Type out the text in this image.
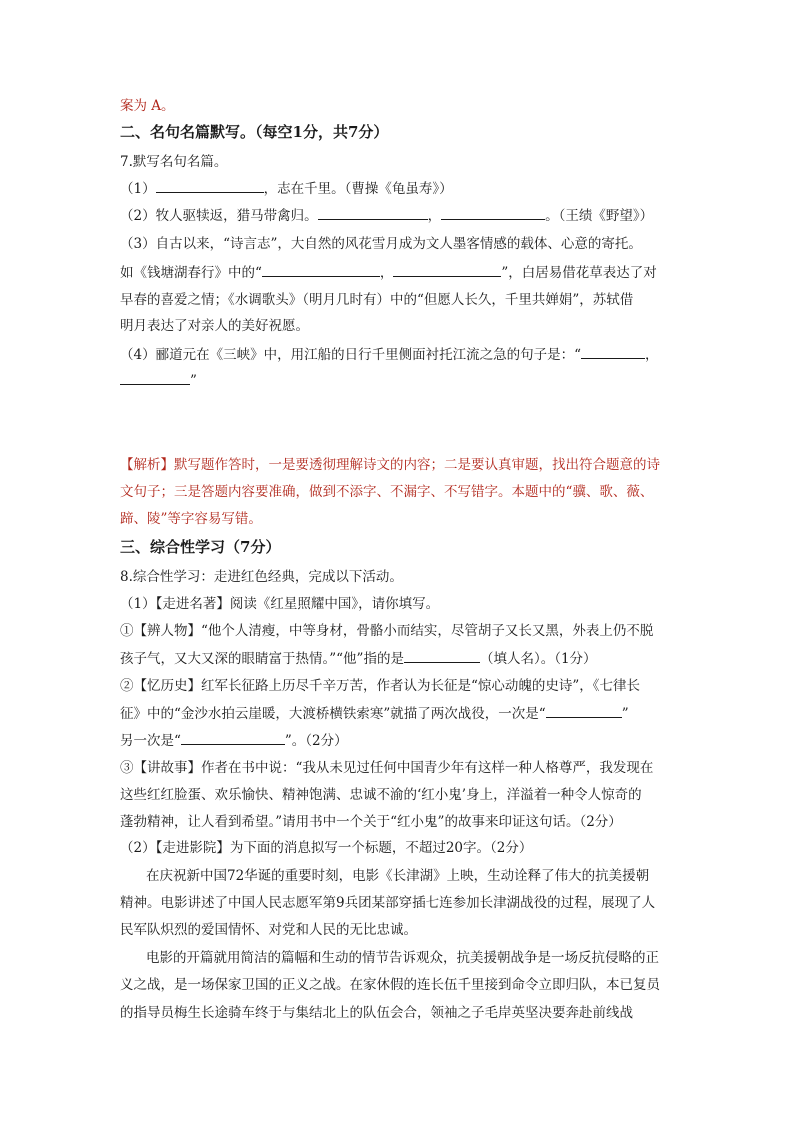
案为 A。
二、名句名篇默写。（每空1分，共7分）
7.默写名句名篇。
（1）	，志在千里。（曹操《龟虽寿》）
（2）牧人驱犊返，猎马带禽归。	，	。（王绩《野望》）
（3）自古以来，“诗言志”，大自然的风花雪月成为文人墨客情感的载体、心意的寄托。
如《钱塘湖春行》中的“	，	”，白居易借花草表达了对
早春的喜爱之情；《水调歌头》（明月几时有）中的“但愿人长久，千里共婵娟”，苏轼借
明月表达了对亲人的美好祝愿。
（4）郦道元在《三峡》中，用江船的日行千里侧面衬托江流之急的句子是：“	，
”
【解析】默写题作答时，一是要透彻理解诗文的内容；二是要认真审题，找出符合题意的诗
文句子；三是答题内容要准确，做到不添字、不漏字、不写错字。本题中的“骥、歌、薇、
蹄、陵”等字容易写错。
三、综合性学习（7分）
8.综合性学习：走进红色经典，完成以下活动。
（1）【走进名著】阅读《红星照耀中国》，请你填写。
①【辨人物】“他个人清瘦，中等身材，骨骼小而结实，尽管胡子又长又黑，外表上仍不脱
孩子气，又大又深的眼睛富于热情。”“他”指的是	（填人名）。（1分）
②【忆历史】红军长征路上历尽千辛万苦，作者认为长征是“惊心动魄的史诗”，《七律长
征》中的“金沙水拍云崖暖，大渡桥横铁索寒”就描了两次战役，一次是“	”
另一次是“	”。（2分）
③【讲故事】作者在书中说：“我从未见过任何中国青少年有这样一种人格尊严，我发现在
这些红红脸蛋、欢乐愉快、精神饱满、忠诚不渝的‘红小鬼’身上，洋溢着一种令人惊奇的
蓬勃精神，让人看到希望。”请用书中一个关于“红小鬼”的故事来印证这句话。（2分）
（2）【走进影院】为下面的消息拟写一个标题，不超过20字。（2分）
在庆祝新中国72华诞的重要时刻，电影《长津湖》上映，生动诠释了伟大的抗美援朝
精神。电影讲述了中国人民志愿军第9兵团某部穿插七连参加长津湖战役的过程，展现了人
民军队炽烈的爱国情怀、对党和人民的无比忠诚。
电影的开篇就用简洁的篇幅和生动的情节告诉观众，抗美援朝战争是一场反抗侵略的正
义之战，是一场保家卫国的正义之战。在家休假的连长伍千里接到命令立即归队，本已复员
的指导员梅生长途骑车终于与集结北上的队伍会合，领袖之子毛岸英坚决要奔赴前线战
